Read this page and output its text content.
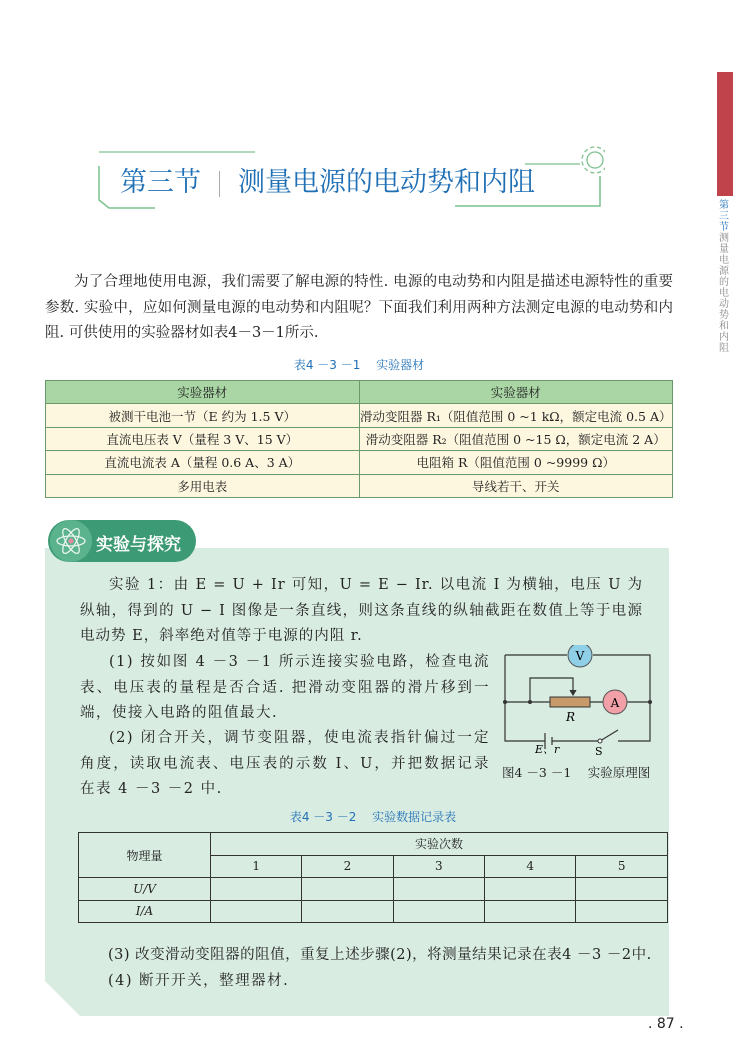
第三节测量电源的电动势和内阻
第三节 测量电源的电动势和内阻

为了合理地使用电源，我们需要了解电源的特性. 电源的电动势和内阻是描述电源特性的重要参数. 实验中，应如何测量电源的电动势和内阻呢？下面我们利用两种方法测定电源的电动势和内阻. 可供使用的实验器材如表4－3－1所示.

表4 －3 －1　 实验器材
实验器材	实验器材
被测干电池一节（E 约为 1.5 V）	滑动变阻器 R₁（阻值范围 0 ~1 kΩ，额定电流 0.5 A）
直流电压表 V（量程 3 V、15 V）	滑动变阻器 R₂（阻值范围 0 ~15 Ω，额定电流 2 A）
直流电流表 A（量程 0.6 A、3 A）	电阻箱 R（阻值范围 0 ~9999 Ω）
多用电表	导线若干、开关
实验与探究

实验 1：由 E = U + Ir 可知，U = E − Ir. 以电流 I 为横轴，电压 U 为纵轴，得到的 U − I 图像是一条直线，则这条直线的纵轴截距在数值上等于电源电动势 E，斜率绝对值等于电源的内阻 r.

(1) 按如图 4 －3 －1 所示连接实验电路，检查电流表、电压表的量程是否合适. 把滑动变阻器的滑片移到一端，使接入电路的阻值最大.

(2) 闭合开关，调节变阻器，使电流表指针偏过一定角度，读取电流表、电压表的示数 I、U，并把数据记录在表 4 －3 －2 中.

V
R
A
E、r	S
图4 －3 －1　 实验原理图
表4 －3 －2　 实验数据记录表
物理量	实验次数				
	1	2	3	4	5
U/V					
I/A					

(3) 改变滑动变阻器的阻值，重复上述步骤(2)，将测量结果记录在表4 －3 －2中.

(4) 断开开关，整理器材.

. 87 .
